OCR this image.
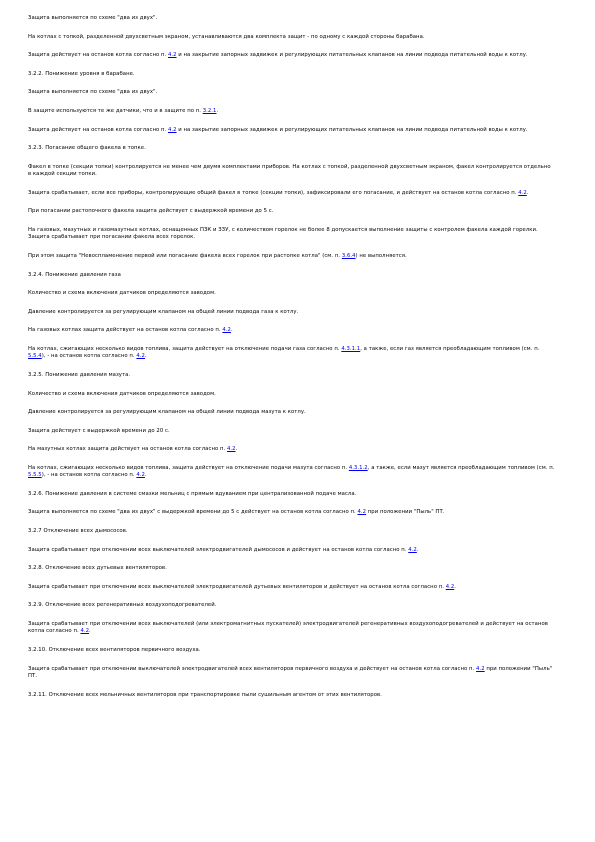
Защита выполняется по схеме "два из двух".

На котлах с топкой, разделенной двухсветным экраном, устанавливаются два комплекта защит - по одному с каждой стороны барабана.

Защита действует на останов котла согласно п. 4.2 и на закрытие запорных задвижек и регулирующих питательных клапанов на линии подвода питательной воды к котлу.

3.2.2. Понижение уровня в барабане.

Защита выполняется по схеме "два из двух".

В защите используются те же датчики, что и в защите по п. 3.2.1.

Защита действует на останов котла согласно п. 4.2 и на закрытие запорных задвижек и регулирующих питательных клапанов на линии подвода питательной воды к котлу.

3.2.3. Погасание общего факела в топке.

Факел в топке (секции топки) контролируется не менее чем двумя комплектами приборов. На котлах с топкой, разделенной двухсветным экраном, факел контролируется отдельно в каждой секции топки.

Защита срабатывает, если все приборы, контролирующие общий факел в топке (секции топки), зафиксировали его погасание, и действует на останов котла согласно п. 4.2.

При погасании растопочного факела защита действует с выдержкой времени до 5 с.

На газовых, мазутных и газомазутных котлах, оснащенных ПЗК и ЗЗУ, с количеством горелок не более 8 допускается выполнение защиты с контролем факела каждой горелки. Защита срабатывает при погасании факела всех горелок.

При этом защита "Невоспламенение первой или погасание факела всех горелок при растопке котла" (см. п. 3.6.4) не выполняется.

3.2.4. Понижение давления газа

Количество и схема включения датчиков определяются заводом.

Давление контролируется за регулирующим клапаном на общей линии подвода газа к котлу.

На газовых котлах защита действует на останов котла согласно п. 4.2.

На котлах, сжигающих несколько видов топлива, защита действует на отключение подачи газа согласно п. 4.3.1.1, а также, если газ является преобладающим топливом (см. п. 5.5.4), - на останов котла согласно п. 4.2.

3.2.5. Понижение давления мазута.

Количество и схема включения датчиков определяются заводом.

Давление контролируется за регулирующим клапаном на общей линии подвода мазута к котлу.

Защита действует с выдержкой времени до 20 с.

На мазутных котлах защита действует на останов котла согласно п. 4.2.

На котлах, сжигающих несколько видов топлива, защита действует на отключение подачи мазута согласно п. 4.3.1.2, а также, если мазут является преобладающим топливом (см. п. 5.5.5), - на останов котла согласно п. 4.2.

3.2.6. Понижение давления в системе смазки мельниц с прямым вдуванием при централизованной подаче масла.

Защита выполняется по схеме "два из двух" с выдержкой времени до 5 с действует на останов котла согласно п. 4.2 при положении "Пыль" ПТ.

3.2.7 Отключение всех дымососов.

Защита срабатывает при отключении всех выключателей электродвигателей дымососов и действует на останов котла согласно п. 4.2.

3.2.8. Отключение всех дутьевых вентиляторов.

Защита срабатывает при отключении всех выключателей электродвигателей дутьевых вентиляторов и действует на останов котла согласно п. 4.2.

3.2.9. Отключение всех регенеративных воздухоподогревателей.

Защита срабатывает при отключении всех выключателей (или электромагнитных пускателей) электродвигателей регенеративных воздухоподогревателей и действует на останов котла согласно п. 4.2.

3.2.10. Отключение всех вентиляторов первичного воздуха.

Защита срабатывает при отключении выключателей электродвигателей всех вентиляторов первичного воздуха и действует на останов котла согласно п. 4.2 при положении "Пыль" ПТ.

3.2.11. Отключение всех мельничных вентиляторов при транспортировке пыли сушильным агентом от этих вентиляторов.
